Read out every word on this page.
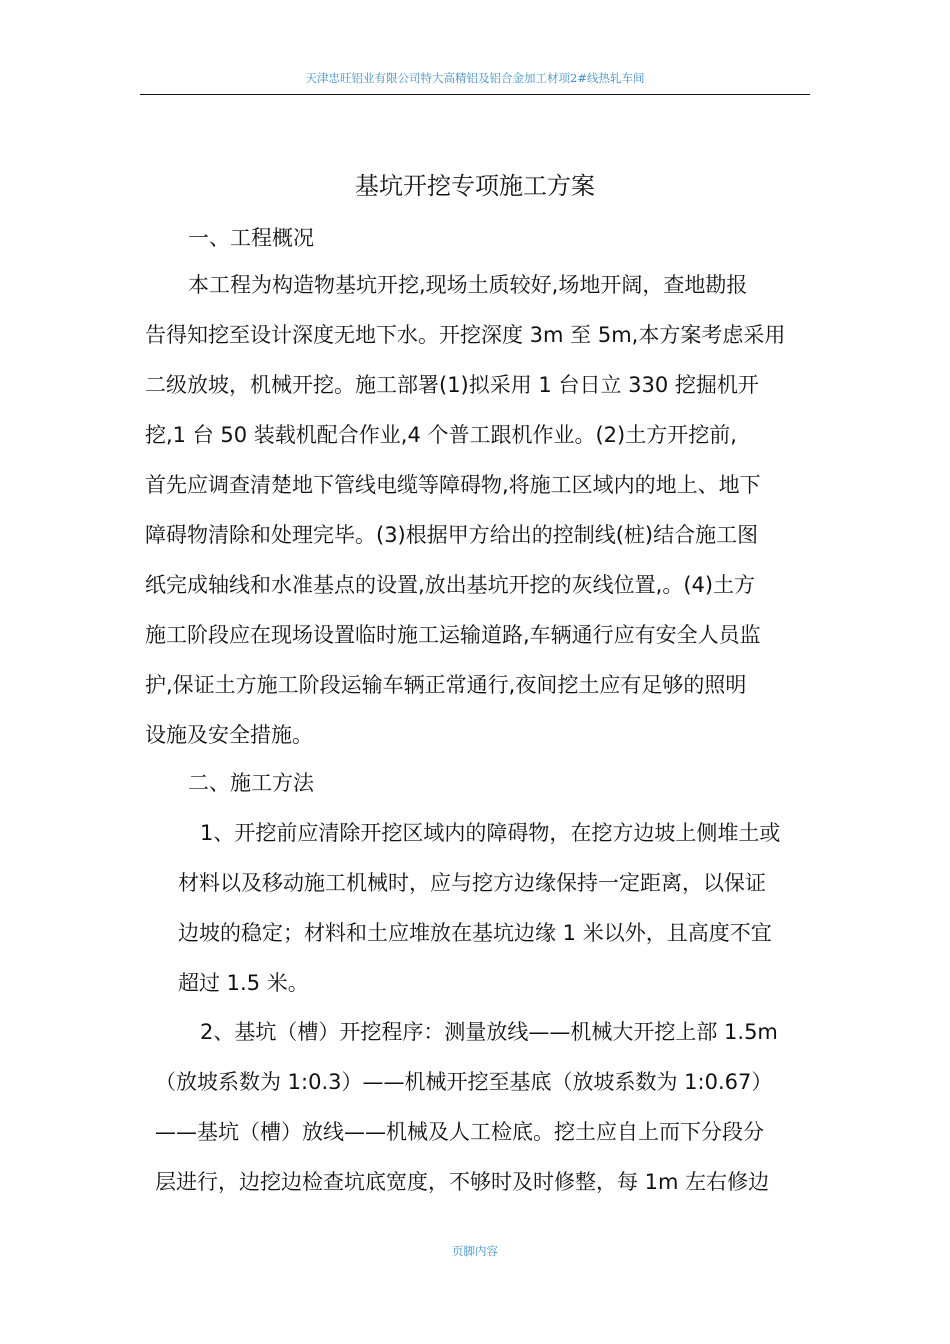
天津忠旺铝业有限公司特大高精铝及铝合金加工材项2#线热轧车间
基坑开挖专项施工方案
一、工程概况
本工程为构造物基坑开挖,现场土质较好,场地开阔，查地勘报
告得知挖至设计深度无地下水。开挖深度 3m 至 5m,本方案考虑采用
二级放坡，机械开挖。施工部署(1)拟采用 1 台日立 330 挖掘机开
挖,1 台 50 装载机配合作业,4 个普工跟机作业。(2)土方开挖前,
首先应调查清楚地下管线电缆等障碍物,将施工区域内的地上、地下
障碍物清除和处理完毕。(3)根据甲方给出的控制线(桩)结合施工图
纸完成轴线和水准基点的设置,放出基坑开挖的灰线位置,。(4)土方
施工阶段应在现场设置临时施工运输道路,车辆通行应有安全人员监
护,保证土方施工阶段运输车辆正常通行,夜间挖土应有足够的照明
设施及安全措施。
二、施工方法
1、开挖前应清除开挖区域内的障碍物，在挖方边坡上侧堆土或
材料以及移动施工机械时，应与挖方边缘保持一定距离，以保证
边坡的稳定；材料和土应堆放在基坑边缘 1 米以外，且高度不宜
超过 1.5 米。
2、基坑（槽）开挖程序：测量放线——机械大开挖上部 1.5m
（放坡系数为 1:0.3）——机械开挖至基底（放坡系数为 1:0.67）
——基坑（槽）放线——机械及人工检底。挖土应自上而下分段分
层进行，边挖边检查坑底宽度，不够时及时修整，每 1m 左右修边
页脚内容
